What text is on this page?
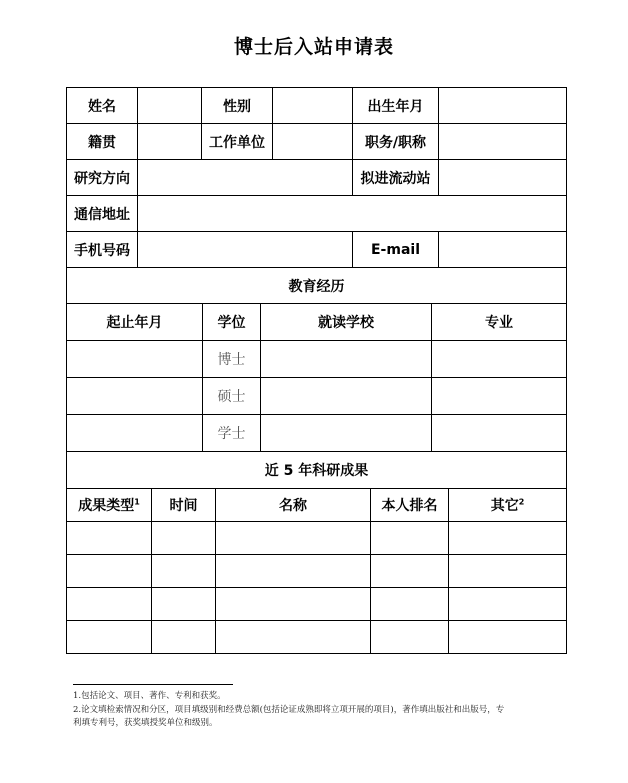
博士后入站申请表
姓名		性别		出生年月	
籍贯		工作单位		职务/职称	
研究方向				拟进流动站	
通信地址					
手机号码				E-mail	
教育经历					
起止年月	学位	就读学校	专业
	博士		
	硕士		
	学士		
近 5 年科研成果			
成果类型$^1$	时间	名称	本人排名	其它$^2$

1.包括论文、项目、著作、专利和获奖。
2.论文填检索情况和分区，项目填级别和经费总额(包括论证成熟即将立项开展的项目)，著作填出版社和出版号，专
利填专利号，获奖填授奖单位和级别。
